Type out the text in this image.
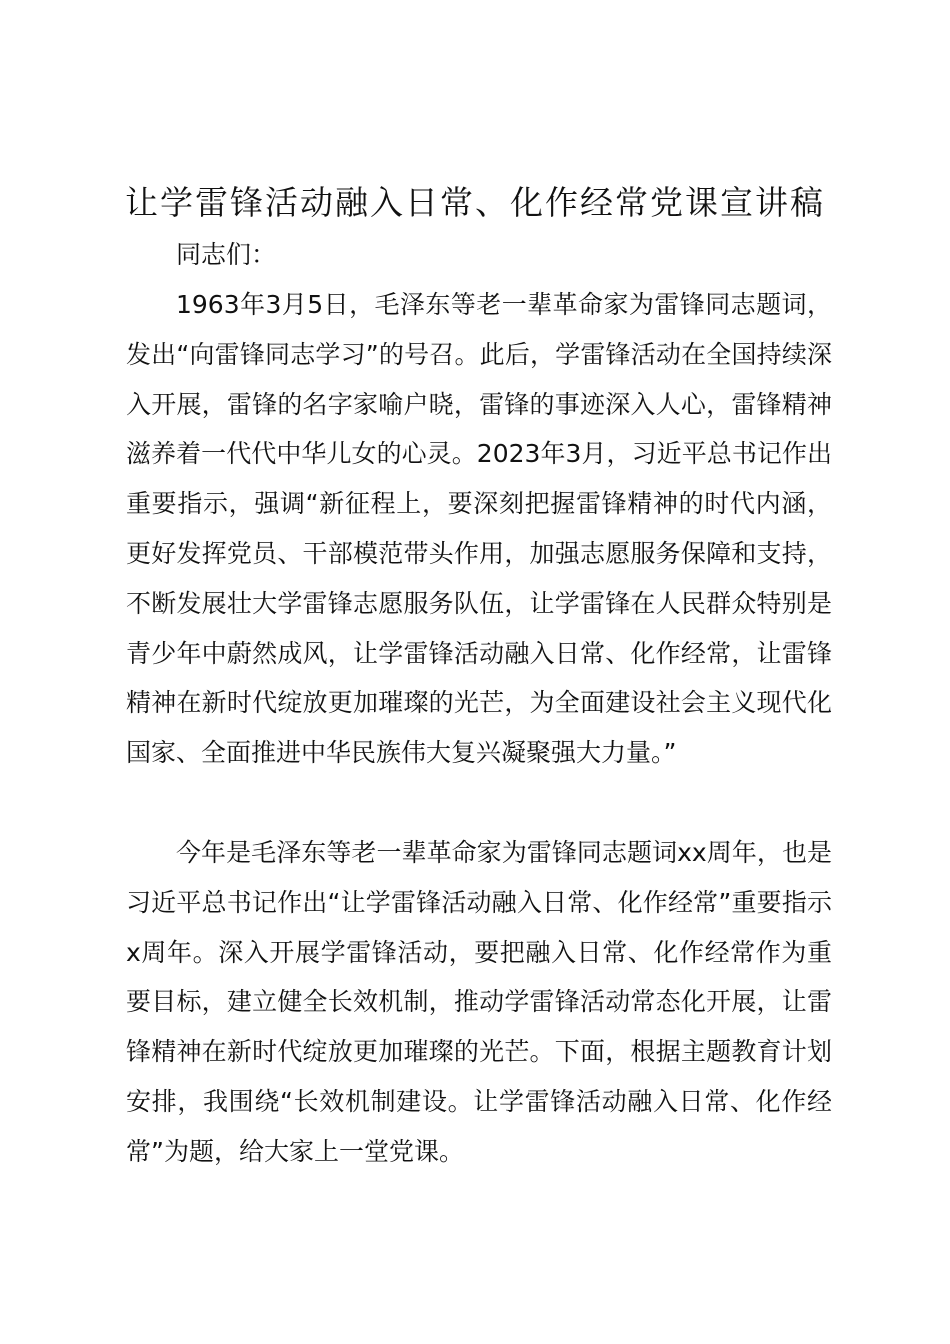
让学雷锋活动融入日常、化作经常党课宣讲稿

同志们：

1963年3月5日，毛泽东等老一辈革命家为雷锋同志题词，发出“向雷锋同志学习”的号召。此后，学雷锋活动在全国持续深入开展，雷锋的名字家喻户晓，雷锋的事迹深入人心，雷锋精神滋养着一代代中华儿女的心灵。2023年3月，习近平总书记作出重要指示，强调“新征程上，要深刻把握雷锋精神的时代内涵，更好发挥党员、干部模范带头作用，加强志愿服务保障和支持，不断发展壮大学雷锋志愿服务队伍，让学雷锋在人民群众特别是青少年中蔚然成风，让学雷锋活动融入日常、化作经常，让雷锋精神在新时代绽放更加璀璨的光芒，为全面建设社会主义现代化国家、全面推进中华民族伟大复兴凝聚强大力量。”

今年是毛泽东等老一辈革命家为雷锋同志题词xx周年，也是习近平总书记作出“让学雷锋活动融入日常、化作经常”重要指示x周年。深入开展学雷锋活动，要把融入日常、化作经常作为重要目标，建立健全长效机制，推动学雷锋活动常态化开展，让雷锋精神在新时代绽放更加璀璨的光芒。下面，根据主题教育计划安排，我围绕“长效机制建设。让学雷锋活动融入日常、化作经常”为题，给大家上一堂党课。
